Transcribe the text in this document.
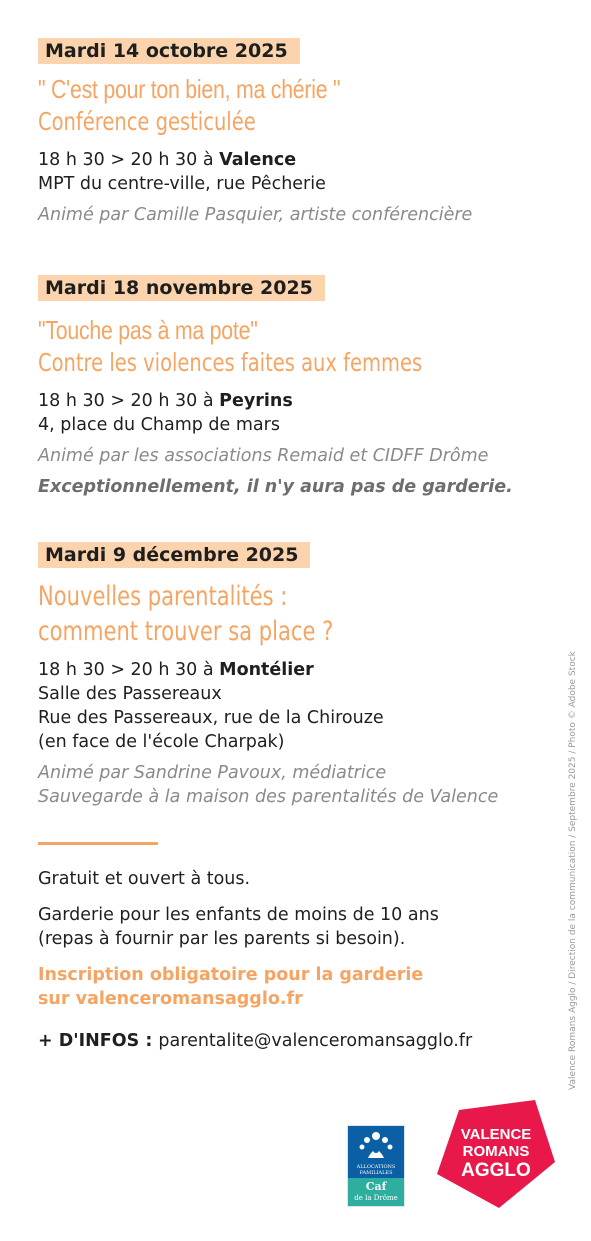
Mardi 14 octobre 2025
" C'est pour ton bien, ma chérie "
Conférence gesticulée
18 h 30 > 20 h 30 à Valence
MPT du centre-ville, rue Pêcherie
Animé par Camille Pasquier, artiste conférencière
Mardi 18 novembre 2025
"Touche pas à ma pote"
Contre les violences faites aux femmes
18 h 30 > 20 h 30 à Peyrins
4, place du Champ de mars
Animé par les associations Remaid et CIDFF Drôme
Exceptionnellement, il n'y aura pas de garderie.
Mardi 9 décembre 2025
Nouvelles parentalités :
comment trouver sa place ?
18 h 30 > 20 h 30 à Montélier
Salle des Passereaux
Rue des Passereaux, rue de la Chirouze
(en face de l'école Charpak)
Animé par Sandrine Pavoux, médiatrice
Sauvegarde à la maison des parentalités de Valence
Gratuit et ouvert à tous.
Garderie pour les enfants de moins de 10 ans
(repas à fournir par les parents si besoin).
Inscription obligatoire pour la garderie
sur valenceromansagglo.fr
+ D'INFOS : parentalite@valenceromansagglo.fr	Valence Romans Agglo / Direction de la communication / Septembre 2025 / Photo © Adobe Stock
ALLOCATIONS
FAMILIALES
Caf
de la Drôme
VALENCE
ROMANS
AGGLO
